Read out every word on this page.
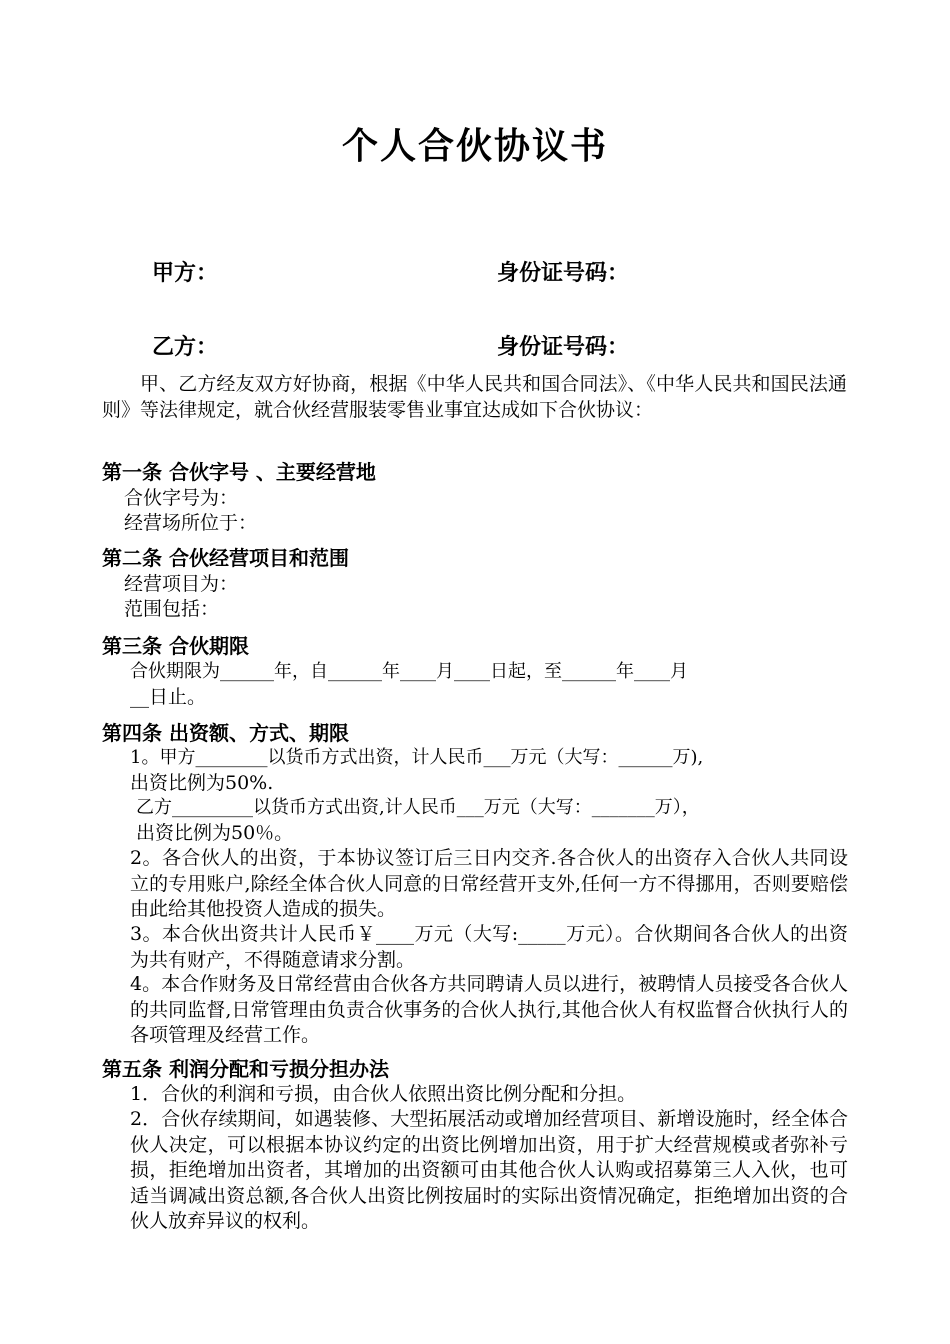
个人合伙协议书
甲方：	身份证号码：
乙方：	身份证号码：
甲、乙方经友双方好协商，根据《中华人民共和国合同法》、《中华人民共和国民法通则》等法律规定，就合伙经营服装零售业事宜达成如下合伙协议：
第一条 合伙字号 、主要经营地
合伙字号为：
经营场所位于：
第二条 合伙经营项目和范围
经营项目为：
范围包括：
第三条 合伙期限
合伙期限为______年，自______年____月____日起，至______年____月
__日止。
第四条 出资额、方式、期限
1。甲方________以货币方式出资，计人民币___万元（大写：______万),
出资比例为50%.
乙方_________以货币方式出资,计人民币___万元（大写：_______万），
出资比例为50％。
2。各合伙人的出资，于本协议签订后三日内交齐.各合伙人的出资存入合伙人共同设立的专用账户,除经全体合伙人同意的日常经营开支外,任何一方不得挪用，否则要赔偿由此给其他投资人造成的损失。
3。本合伙出资共计人民币￥____万元（大写:_____万元）。合伙期间各合伙人的出资为共有财产，不得随意请求分割。
4。本合作财务及日常经营由合伙各方共同聘请人员以进行，被聘情人员接受各合伙人的共同监督,日常管理由负责合伙事务的合伙人执行,其他合伙人有权监督合伙执行人的各项管理及经营工作。
第五条 利润分配和亏损分担办法
1．合伙的利润和亏损，由合伙人依照出资比例分配和分担。
2．合伙存续期间，如遇装修、大型拓展活动或增加经营项目、新增设施时，经全体合伙人决定，可以根据本协议约定的出资比例增加出资，用于扩大经营规模或者弥补亏损，拒绝增加出资者，其增加的出资额可由其他合伙人认购或招募第三人入伙，也可适当调减出资总额,各合伙人出资比例按届时的实际出资情况确定，拒绝增加出资的合伙人放弃异议的权利。
